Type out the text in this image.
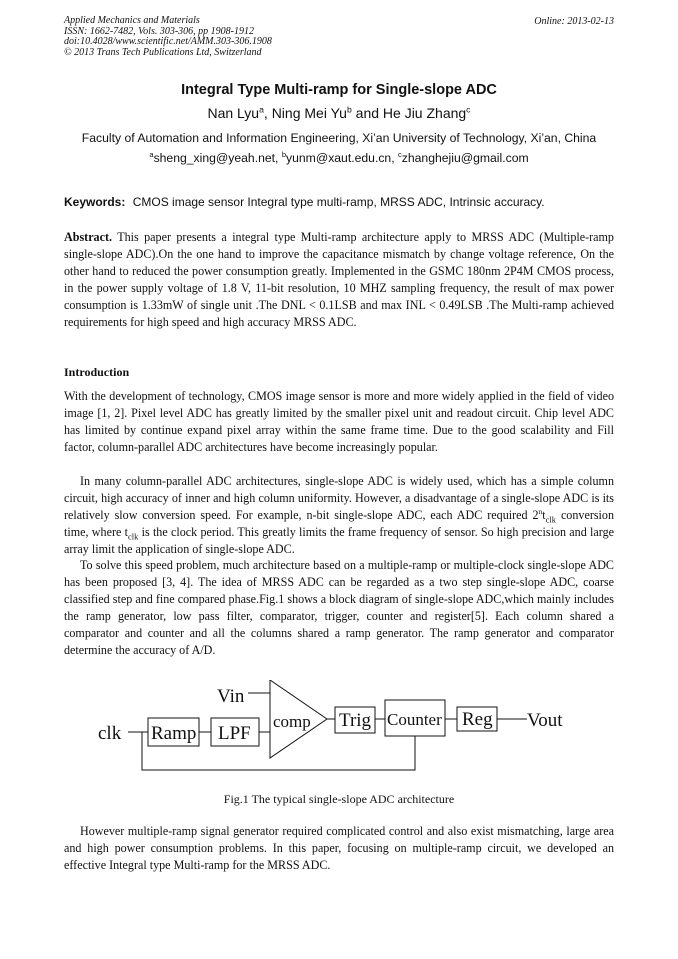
Applied Mechanics and Materials
ISSN: 1662-7482, Vols. 303-306, pp 1908-1912
doi:10.4028/www.scientific.net/AMM.303-306.1908
© 2013 Trans Tech Publications Ltd, Switzerland
Online: 2013-02-13
Integral Type Multi-ramp for Single-slope ADC
Nan Lyu$^a$, Ning Mei Yu$^b$ and He Jiu Zhang$^c$
Faculty of Automation and Information Engineering, Xi’an University of Technology, Xi’an, China
$^a$sheng_xing@yeah.net, $^b$yunm@xaut.edu.cn, $^c$zhanghejiu@gmail.com
Keywords: CMOS image sensor Integral type multi-ramp, MRSS ADC, Intrinsic accuracy.
Abstract. This paper presents a integral type Multi-ramp architecture apply to MRSS ADC (Multiple-ramp single-slope ADC).On the one hand to improve the capacitance mismatch by change voltage reference, On the other hand to reduced the power consumption greatly. Implemented in the GSMC 180nm 2P4M CMOS process, in the power supply voltage of 1.8 V, 11-bit resolution, 10 MHZ sampling frequency, the result of max power consumption is 1.33mW of single unit .The DNL < 0.1LSB and max INL < 0.49LSB .The Multi-ramp achieved requirements for high speed and high accuracy MRSS ADC.
Introduction
With the development of technology, CMOS image sensor is more and more widely applied in the field of video image [1, 2]. Pixel level ADC has greatly limited by the smaller pixel unit and readout circuit. Chip level ADC has limited by continue expand pixel array within the same frame time. Due to the good scalability and Fill factor, column-parallel ADC architectures have become increasingly popular.
In many column-parallel ADC architectures, single-slope ADC is widely used, which has a simple column circuit, high accuracy of inner and high column uniformity. However, a disadvantage of a single-slope ADC is its relatively slow conversion speed. For example, n-bit single-slope ADC, each ADC required $2^nt_{clk}$ conversion time, where $t_{clk}$ is the clock period. This greatly limits the frame frequency of sensor. So high precision and large array limit the application of single-slope ADC.
To solve this speed problem, much architecture based on a multiple-ramp or multiple-clock single-slope ADC has been proposed [3, 4]. The idea of MRSS ADC can be regarded as a two step single-slope ADC, coarse classified step and fine compared phase.Fig.1 shows a block diagram of single-slope ADC,which mainly includes the ramp generator, low pass filter, comparator, trigger, counter and register[5]. Each column shared a comparator and counter and all the columns shared a ramp generator. The ramp generator and comparator determine the accuracy of A/D.
clk Ramp LPF
Vin
comp Trig Counter Reg Vout
Fig.1 The typical single-slope ADC architecture
However multiple-ramp signal generator required complicated control and also exist mismatching, large area and high power consumption problems. In this paper, focusing on multiple-ramp circuit, we developed an effective Integral type Multi-ramp for the MRSS ADC.
